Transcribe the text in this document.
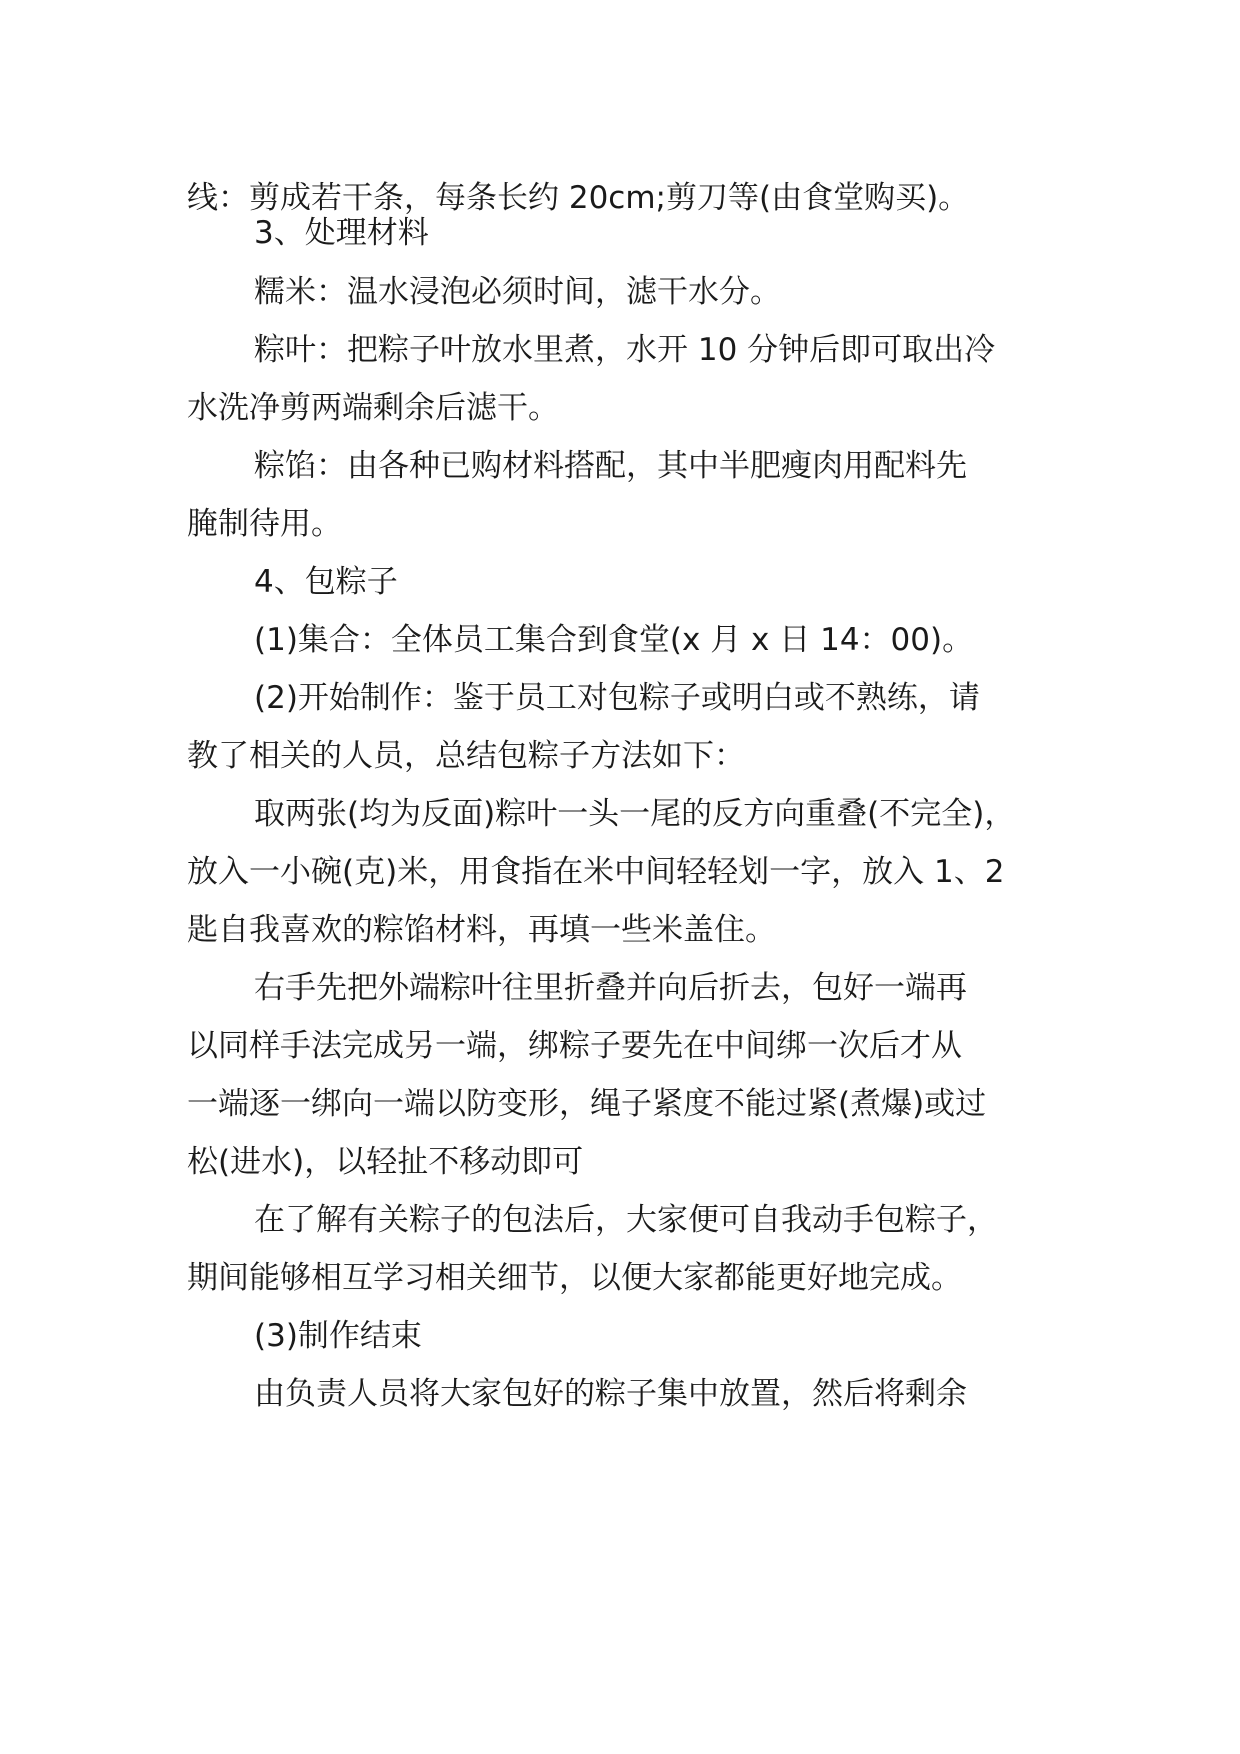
线：剪成若干条，每条长约 20cm;剪刀等(由食堂购买)。
3、处理材料
糯米：温水浸泡必须时间，滤干水分。
粽叶：把粽子叶放水里煮，水开 10 分钟后即可取出冷
水洗净剪两端剩余后滤干。
粽馅：由各种已购材料搭配，其中半肥瘦肉用配料先
腌制待用。
4、包粽子
(1)集合：全体员工集合到食堂(x 月 x 日 14：00)。
(2)开始制作：鉴于员工对包粽子或明白或不熟练，请
教了相关的人员，总结包粽子方法如下：
取两张(均为反面)粽叶一头一尾的反方向重叠(不完全)，
放入一小碗(克)米，用食指在米中间轻轻划一字，放入 1、2
匙自我喜欢的粽馅材料，再填一些米盖住。
右手先把外端粽叶往里折叠并向后折去，包好一端再
以同样手法完成另一端，绑粽子要先在中间绑一次后才从
一端逐一绑向一端以防变形，绳子紧度不能过紧(煮爆)或过
松(进水)，以轻扯不移动即可
在了解有关粽子的包法后，大家便可自我动手包粽子，
期间能够相互学习相关细节，以便大家都能更好地完成。
(3)制作结束
由负责人员将大家包好的粽子集中放置，然后将剩余
